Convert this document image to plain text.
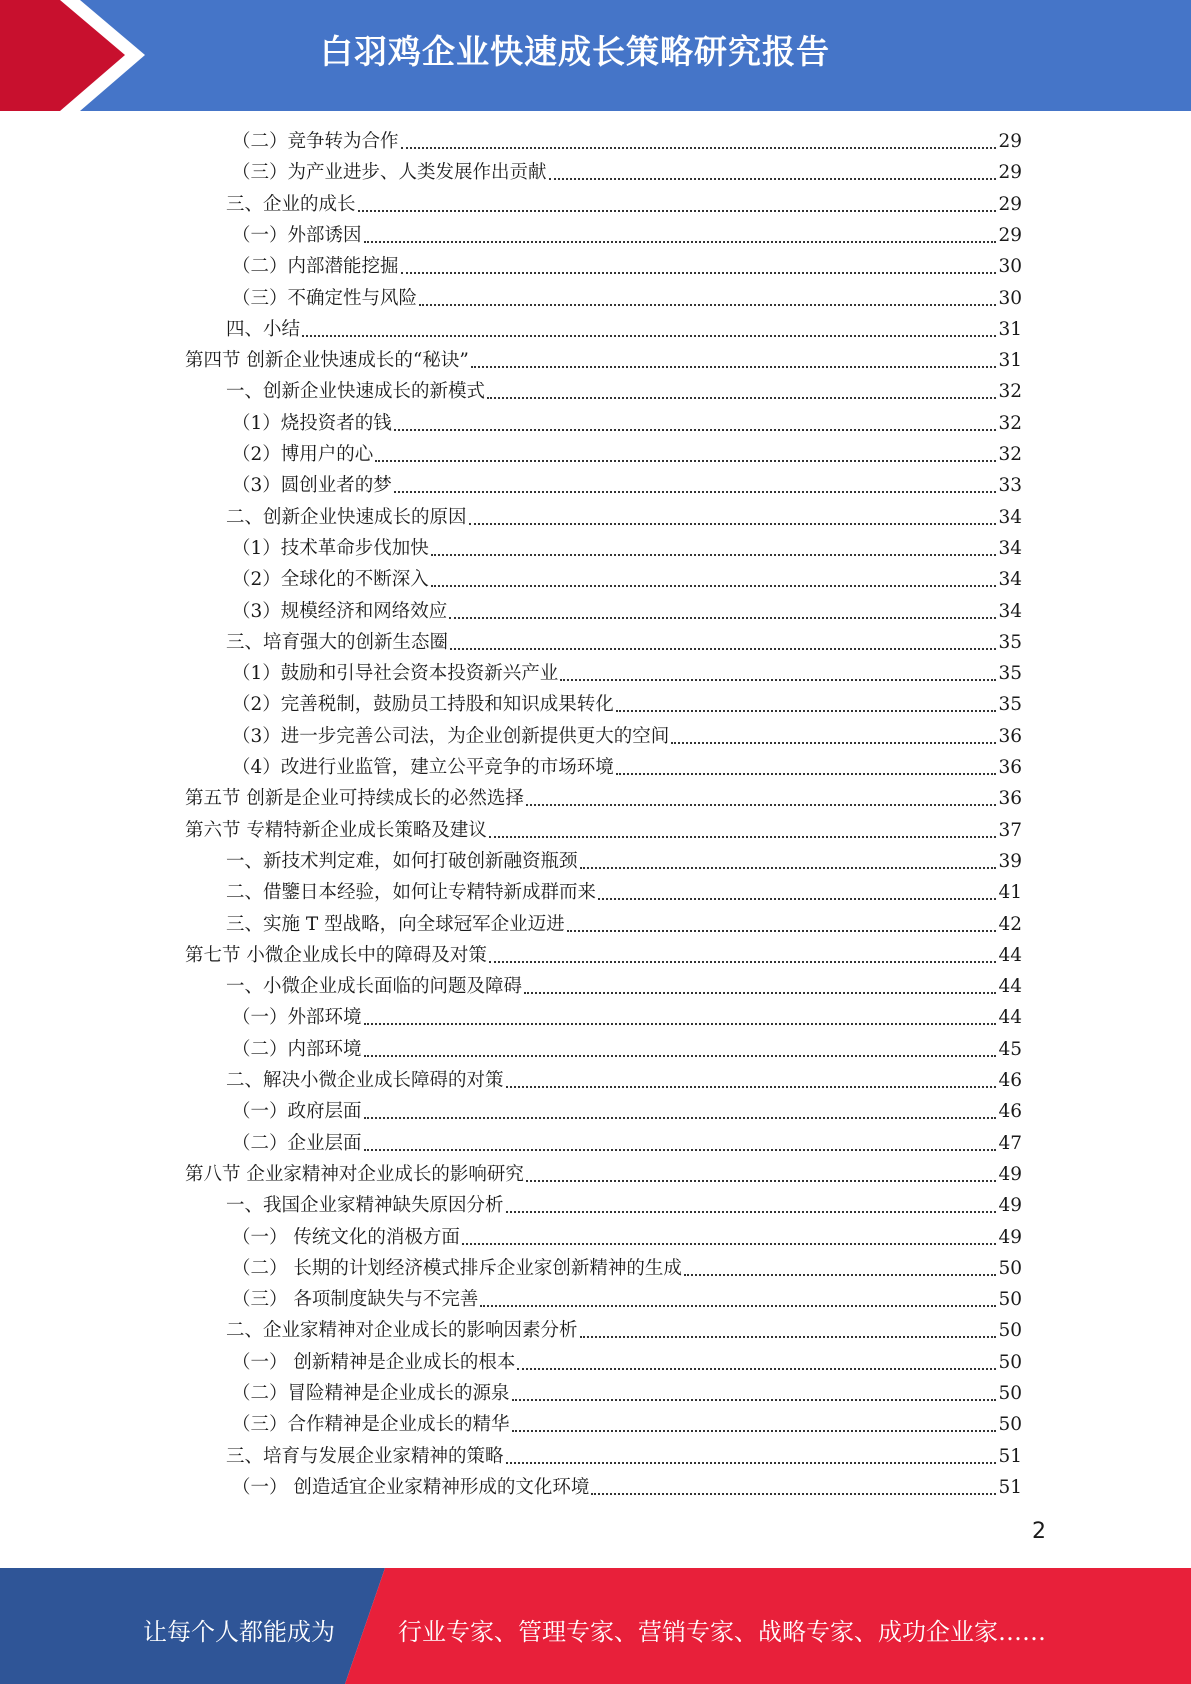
白羽鸡企业快速成长策略研究报告
（二）竞争转为合作	29
（三）为产业进步、人类发展作出贡献	29
三、企业的成长	29
（一）外部诱因	29
（二）内部潜能挖掘	30
（三）不确定性与风险	30
四、小结	31
第四节 创新企业快速成长的“秘诀”	31
一、创新企业快速成长的新模式	32
（1）烧投资者的钱	32
（2）博用户的心	32
（3）圆创业者的梦	33
二、创新企业快速成长的原因	34
（1）技术革命步伐加快	34
（2）全球化的不断深入	34
（3）规模经济和网络效应	34
三、培育强大的创新生态圈	35
（1）鼓励和引导社会资本投资新兴产业	35
（2）完善税制，鼓励员工持股和知识成果转化	35
（3）进一步完善公司法，为企业创新提供更大的空间	36
（4）改进行业监管，建立公平竞争的市场环境	36
第五节 创新是企业可持续成长的必然选择	36
第六节 专精特新企业成长策略及建议	37
一、新技术判定难，如何打破创新融资瓶颈	39
二、借鑒日本经验，如何让专精特新成群而来	41
三、实施 T 型战略，向全球冠军企业迈进	42
第七节 小微企业成长中的障碍及对策	44
一、小微企业成长面临的问题及障碍	44
（一）外部环境	44
（二）内部环境	45
二、解决小微企业成长障碍的对策	46
（一）政府层面	46
（二）企业层面	47
第八节 企业家精神对企业成长的影响研究	49
一、我国企业家精神缺失原因分析	49
（一） 传统文化的消极方面	49
（二） 长期的计划经济模式排斥企业家创新精神的生成	50
（三） 各项制度缺失与不完善	50
二、企业家精神对企业成长的影响因素分析	50
（一） 创新精神是企业成长的根本	50
（二）冒险精神是企业成长的源泉	50
（三）合作精神是企业成长的精华	50
三、培育与发展企业家精神的策略	51
（一） 创造适宜企业家精神形成的文化环境	51
2
让每个人都能成为	行业专家、管理专家、营销专家、战略专家、成功企业家……
